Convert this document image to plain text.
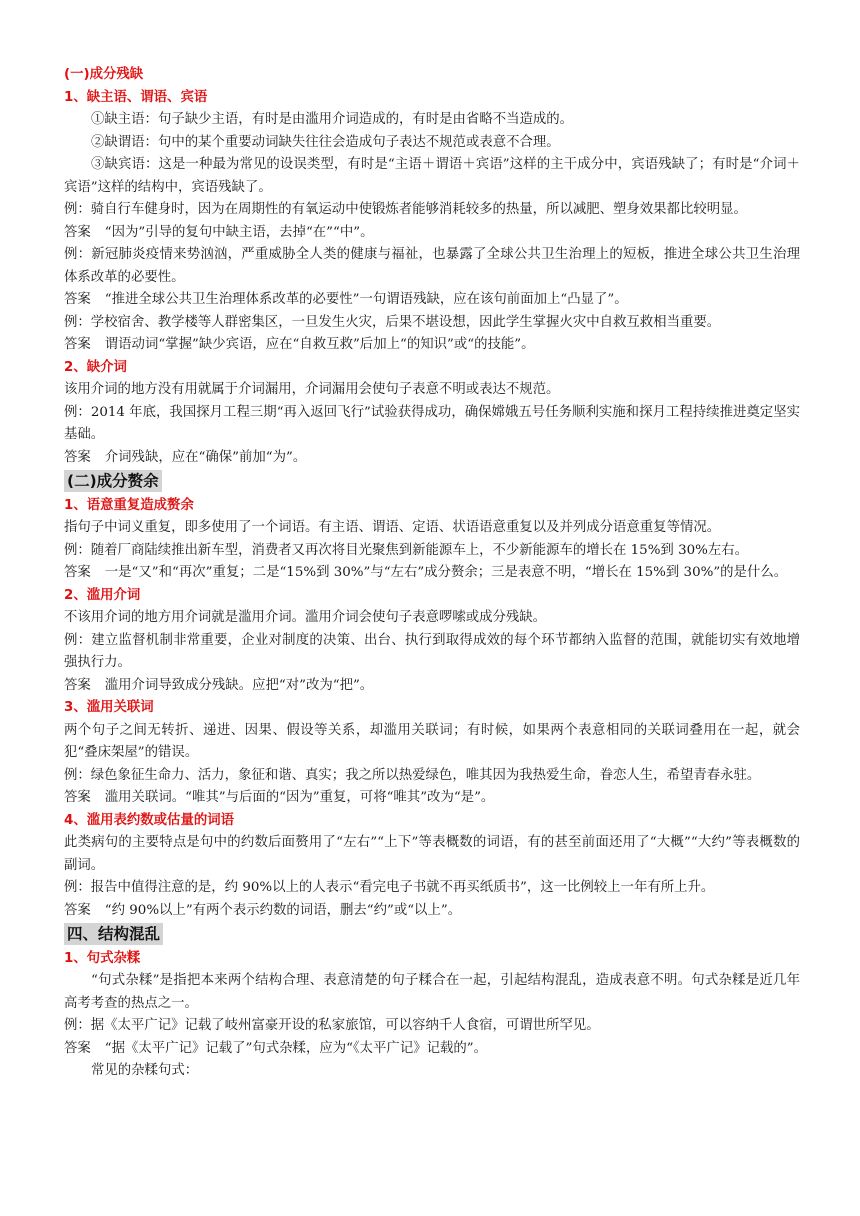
(一)成分残缺
1、缺主语、谓语、宾语

①缺主语：句子缺少主语，有时是由滥用介词造成的，有时是由省略不当造成的。

②缺谓语：句中的某个重要动词缺失往往会造成句子表达不规范或表意不合理。

③缺宾语：这是一种最为常见的设误类型，有时是“主语＋谓语＋宾语”这样的主干成分中，宾语残缺了；有时是“介词＋宾语”这样的结构中，宾语残缺了。

例：骑自行车健身时，因为在周期性的有氧运动中使锻炼者能够消耗较多的热量，所以减肥、塑身效果都比较明显。

答案 “因为”引导的复句中缺主语，去掉“在”“中”。

例：新冠肺炎疫情来势汹汹，严重威胁全人类的健康与福祉，也暴露了全球公共卫生治理上的短板，推进全球公共卫生治理体系改革的必要性。

答案 “推进全球公共卫生治理体系改革的必要性”一句谓语残缺，应在该句前面加上“凸显了”。

例：学校宿舍、教学楼等人群密集区，一旦发生火灾，后果不堪设想，因此学生掌握火灾中自救互救相当重要。

答案 谓语动词“掌握”缺少宾语，应在“自救互救”后加上“的知识”或“的技能”。

2、缺介词

该用介词的地方没有用就属于介词漏用，介词漏用会使句子表意不明或表达不规范。

例：2014 年底，我国探月工程三期“再入返回飞行”试验获得成功，确保嫦娥五号任务顺利实施和探月工程持续推进奠定坚实基础。

答案 介词残缺，应在“确保”前加“为”。

(二)成分赘余
1、语意重复造成赘余

指句子中词义重复，即多使用了一个词语。有主语、谓语、定语、状语语意重复以及并列成分语意重复等情况。

例：随着厂商陆续推出新车型，消费者又再次将目光聚焦到新能源车上，不少新能源车的增长在 15%到 30%左右。

答案 一是“又”和“再次”重复；二是“15%到 30%”与“左右”成分赘余；三是表意不明，“增长在 15%到 30%”的是什么。

2、滥用介词

不该用介词的地方用介词就是滥用介词。滥用介词会使句子表意啰嗦或成分残缺。

例：建立监督机制非常重要，企业对制度的决策、出台、执行到取得成效的每个环节都纳入监督的范围，就能切实有效地增强执行力。

答案 滥用介词导致成分残缺。应把“对”改为“把”。

3、滥用关联词

两个句子之间无转折、递进、因果、假设等关系，却滥用关联词；有时候，如果两个表意相同的关联词叠用在一起，就会犯“叠床架屋”的错误。

例：绿色象征生命力、活力，象征和谐、真实；我之所以热爱绿色，唯其因为我热爱生命，眷恋人生，希望青春永驻。

答案 滥用关联词。“唯其”与后面的“因为”重复，可将“唯其”改为“是”。

4、滥用表约数或估量的词语

此类病句的主要特点是句中的约数后面赘用了“左右”“上下”等表概数的词语，有的甚至前面还用了“大概”“大约”等表概数的副词。

例：报告中值得注意的是，约 90%以上的人表示“看完电子书就不再买纸质书”，这一比例较上一年有所上升。

答案 “约 90%以上”有两个表示约数的词语，删去“约”或“以上”。

四、结构混乱
1、句式杂糅

“句式杂糅”是指把本来两个结构合理、表意清楚的句子糅合在一起，引起结构混乱，造成表意不明。句式杂糅是近几年高考考查的热点之一。

例：据《太平广记》记载了岐州富豪开设的私家旅馆，可以容纳千人食宿，可谓世所罕见。

答案 “据《太平广记》记载了”句式杂糅，应为“《太平广记》记载的”。

常见的杂糅句式：
